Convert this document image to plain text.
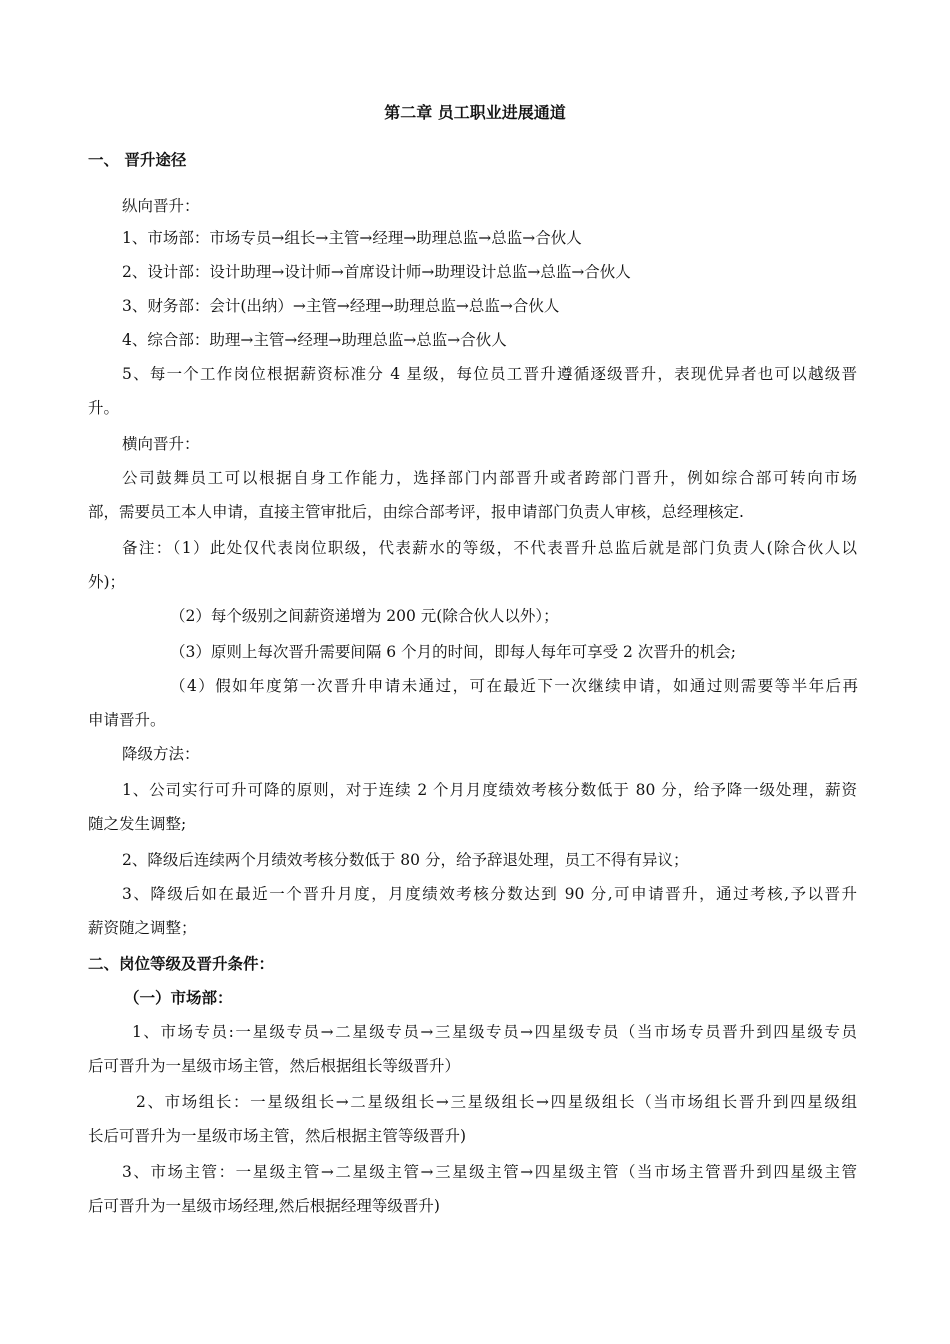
第二章 员工职业进展通道
一、 晋升途径
纵向晋升：
1、市场部：市场专员→组长→主管→经理→助理总监→总监→合伙人
2、设计部：设计助理→设计师→首席设计师→助理设计总监→总监→合伙人
3、财务部：会计(出纳）→主管→经理→助理总监→总监→合伙人
4、综合部：助理→主管→经理→助理总监→总监→合伙人
5、每一个工作岗位根据薪资标准分 4 星级，每位员工晋升遵循逐级晋升，表现优异者也可以越级晋
升。
横向晋升：
公司鼓舞员工可以根据自身工作能力，选择部门内部晋升或者跨部门晋升，例如综合部可转向市场
部，需要员工本人申请，直接主管审批后，由综合部考评，报申请部门负责人审核，总经理核定.
备注：（1）此处仅代表岗位职级，代表薪水的等级，不代表晋升总监后就是部门负责人(除合伙人以
外)；
（2）每个级别之间薪资递增为 200 元(除合伙人以外）；
（3）原则上每次晋升需要间隔 6 个月的时间，即每人每年可享受 2 次晋升的机会;
（4）假如年度第一次晋升申请未通过，可在最近下一次继续申请，如通过则需要等半年后再
申请晋升。
降级方法：
1、公司实行可升可降的原则，对于连续 2 个月月度绩效考核分数低于 80 分，给予降一级处理，薪资
随之发生调整;
2、降级后连续两个月绩效考核分数低于 80 分，给予辞退处理，员工不得有异议；
3、降级后如在最近一个晋升月度，月度绩效考核分数达到 90 分,可申请晋升，通过考核,予以晋升
薪资随之调整；
二、岗位等级及晋升条件：
（一）市场部：
1、市场专员:一星级专员→二星级专员→三星级专员→四星级专员（当市场专员晋升到四星级专员
后可晋升为一星级市场主管，然后根据组长等级晋升）
2、市场组长：一星级组长→二星级组长→三星级组长→四星级组长（当市场组长晋升到四星级组
长后可晋升为一星级市场主管，然后根据主管等级晋升)
3、市场主管：一星级主管→二星级主管→三星级主管→四星级主管（当市场主管晋升到四星级主管
后可晋升为一星级市场经理,然后根据经理等级晋升)
